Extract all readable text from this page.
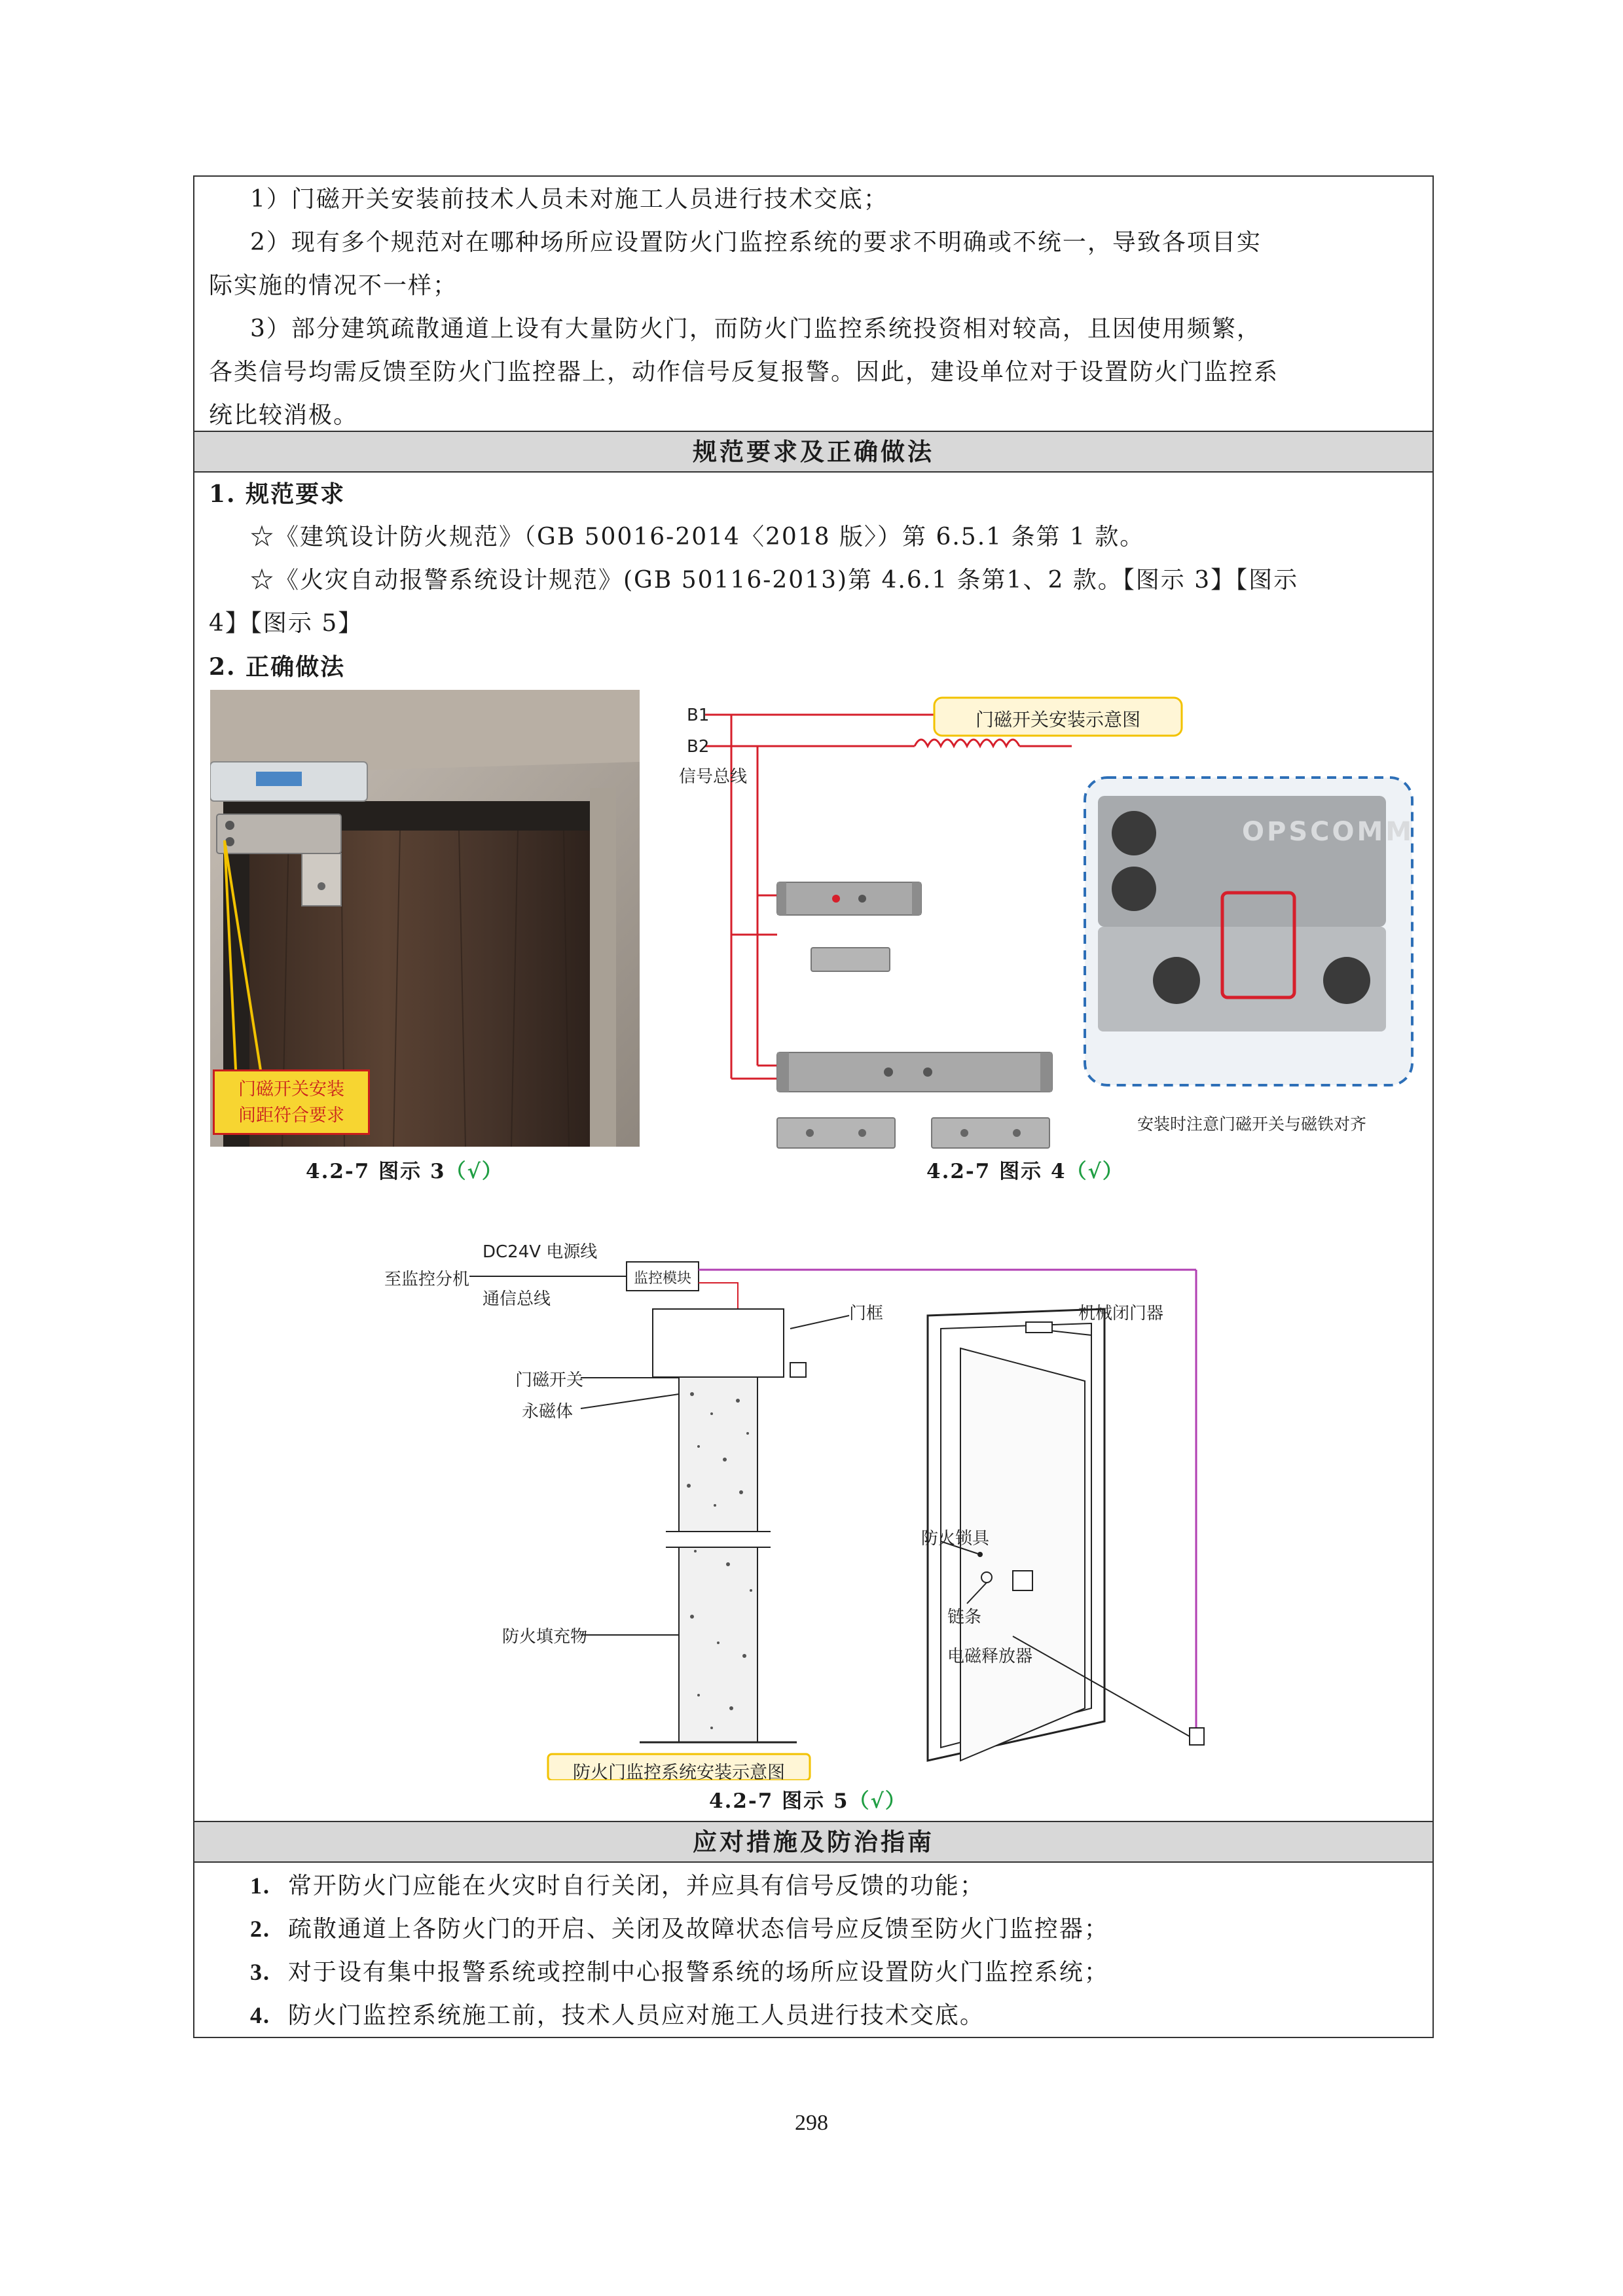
1）门磁开关安装前技术人员未对施工人员进行技术交底；
2）现有多个规范对在哪种场所应设置防火门监控系统的要求不明确或不统一，导致各项目实
际实施的情况不一样；
3）部分建筑疏散通道上设有大量防火门，而防火门监控系统投资相对较高，且因使用频繁，
各类信号均需反馈至防火门监控器上，动作信号反复报警。因此，建设单位对于设置防火门监控系
统比较消极。
规范要求及正确做法
1. 规范要求
☆《建筑设计防火规范》（GB 50016-2014〈2018 版〉）第 6.5.1 条第 1 款。
☆《火灾自动报警系统设计规范》(GB 50116-2013)第 4.6.1 条第1、2 款。【图示 3】【图示
4】【图示 5】
2. 正确做法
门磁开关安装
间距符合要求
4.2-7 图示 3（√）
B1
B2
信号总线
门磁开关安装示意图
OPSCOMM
安装时注意门磁开关与磁铁对齐
4.2-7 图示 4（√）
至监控分机
DC24V 电源线
通信总线
监控模块
门框	机械闭门器
门磁开关
永磁体
防火锁具
防火填充物
链条
电磁释放器
防火门监控系统安装示意图
4.2-7 图示 5（√）
应对措施及防治指南
1. 常开防火门应能在火灾时自行关闭，并应具有信号反馈的功能；
2. 疏散通道上各防火门的开启、关闭及故障状态信号应反馈至防火门监控器；
3. 对于设有集中报警系统或控制中心报警系统的场所应设置防火门监控系统；
4. 防火门监控系统施工前，技术人员应对施工人员进行技术交底。
298
